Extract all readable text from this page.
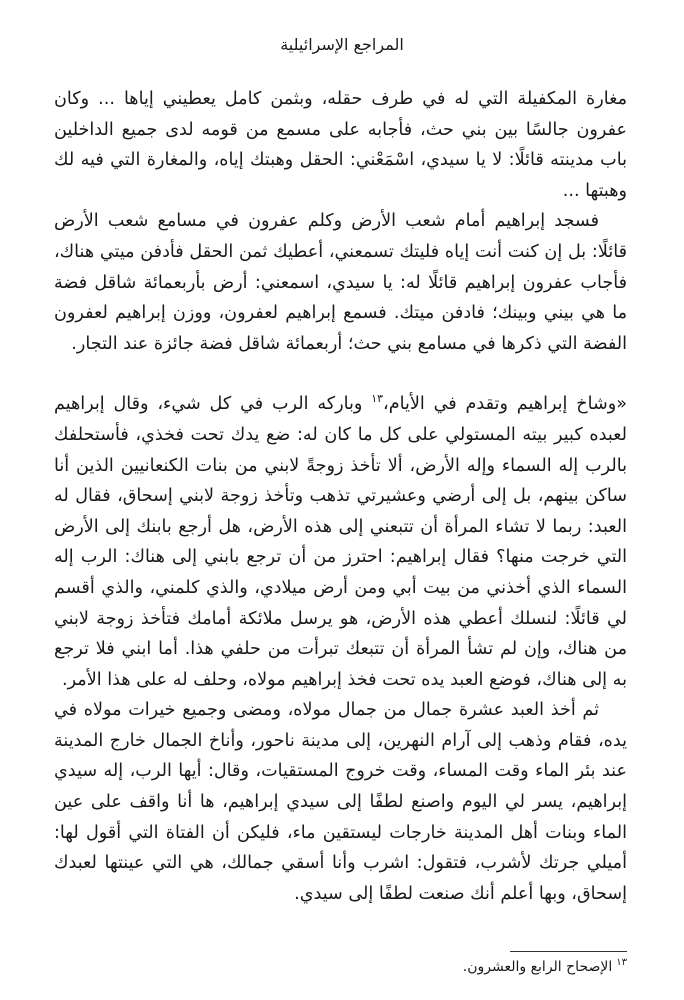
المراجع الإسرائيلية

مغارة المكفيلة التي له في طرف حقله، وبثمن كامل يعطيني إياها ... وكان عفرون جالسًا بين بني حث، فأجابه على مسمع من قومه لدى جميع الداخلين باب مدينته قائلًا: لا يا سيدي، اسْمَعْني: الحقل وهبتك إياه، والمغارة التي فيه لك وهبتها ...

فسجد إبراهيم أمام شعب الأرض وكلم عفرون في مسامع شعب الأرض قائلًا: بل إن كنت أنت إياه فليتك تسمعني، أعطيك ثمن الحقل فأدفن ميتي هناك، فأجاب عفرون إبراهيم قائلًا له: يا سيدي، اسمعني: أرض بأربعمائة شاقل فضة ما هي بيني وبينك؛ فادفن ميتك. فسمع إبراهيم لعفرون، ووزن إبراهيم لعفرون الفضة التي ذكرها في مسامع بني حث؛ أربعمائة شاقل فضة جائزة عند التجار.

«وشاخ إبراهيم وتقدم في الأيام،$^{١٣}$ وباركه الرب في كل شيء، وقال إبراهيم لعبده كبير بيته المستولي على كل ما كان له: ضع يدك تحت فخذي، فأستحلفك بالرب إله السماء وإله الأرض، ألا تأخذ زوجةً لابني من بنات الكنعانيين الذين أنا ساكن بينهم، بل إلى أرضي وعشيرتي تذهب وتأخذ زوجة لابني إسحاق، فقال له العبد: ربما لا تشاء المرأة أن تتبعني إلى هذه الأرض، هل أرجع بابنك إلى الأرض التي خرجت منها؟ فقال إبراهيم: احترز من أن ترجع بابني إلى هناك: الرب إله السماء الذي أخذني من بيت أبي ومن أرض ميلادي، والذي كلمني، والذي أقسم لي قائلًا: لنسلك أعطي هذه الأرض، هو يرسل ملائكة أمامك فتأخذ زوجة لابني من هناك، وإن لم تشأ المرأة أن تتبعك تبرأت من حلفي هذا. أما ابني فلا ترجع به إلى هناك، فوضع العبد يده تحت فخذ إبراهيم مولاه، وحلف له على هذا الأمر.

ثم أخذ العبد عشرة جمال من جمال مولاه، ومضى وجميع خيرات مولاه في يده، فقام وذهب إلى آرام النهرين، إلى مدينة ناحور، وأناخ الجمال خارج المدينة عند بئر الماء وقت المساء، وقت خروج المستقيات، وقال: أيها الرب، إله سيدي إبراهيم، يسر لي اليوم واصنع لطفًا إلى سيدي إبراهيم، ها أنا واقف على عين الماء وبنات أهل المدينة خارجات ليستقين ماء، فليكن أن الفتاة التي أقول لها: أميلي جرتك لأشرب، فتقول: اشرب وأنا أسقي جمالك، هي التي عينتها لعبدك إسحاق، وبها أعلم أنك صنعت لطفًا إلى سيدي.

$^{١٣}$الإصحاح الرابع والعشرون.
